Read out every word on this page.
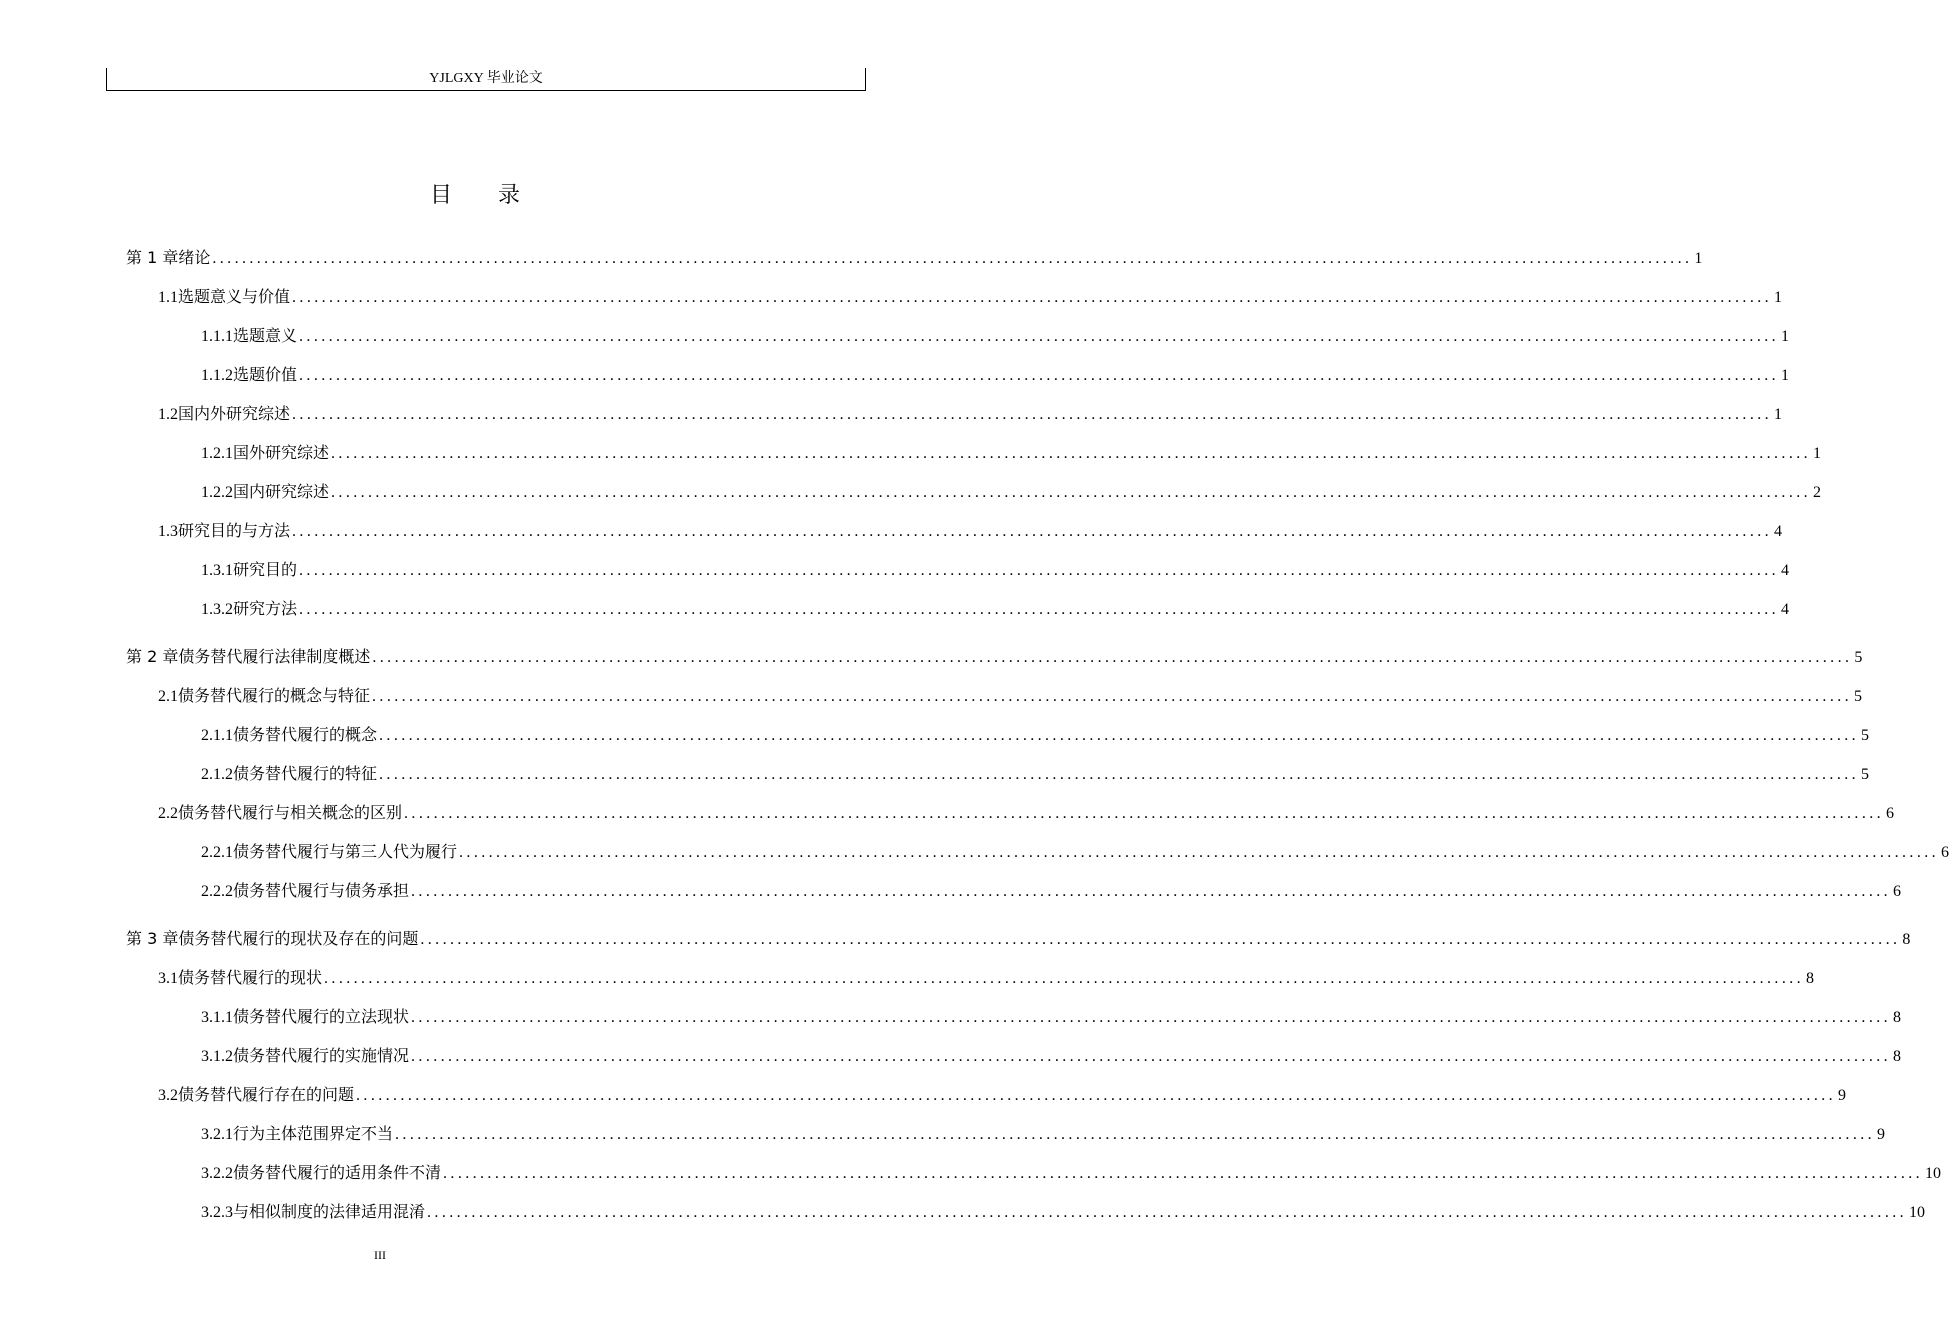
YJLGXY 毕业论文
目录
第 1 章 绪论 ........................................................................................................................................................................................................ 1
1.1 选题意义与价值 ........................................................................................................................................................................................................ 1
1.1.1 选题意义 ........................................................................................................................................................................................................ 1
1.1.2 选题价值 ........................................................................................................................................................................................................ 1
1.2 国内外研究综述 ........................................................................................................................................................................................................ 1
1.2.1 国外研究综述 ........................................................................................................................................................................................................ 1
1.2.2 国内研究综述 ........................................................................................................................................................................................................ 2
1.3 研究目的与方法 ........................................................................................................................................................................................................ 4
1.3.1 研究目的 ........................................................................................................................................................................................................ 4
1.3.2 研究方法 ........................................................................................................................................................................................................ 4
第 2 章 债务替代履行法律制度概述 ........................................................................................................................................................................................................ 5
2.1 债务替代履行的概念与特征 ........................................................................................................................................................................................................ 5
2.1.1 债务替代履行的概念 ........................................................................................................................................................................................................ 5
2.1.2 债务替代履行的特征 ........................................................................................................................................................................................................ 5
2.2 债务替代履行与相关概念的区别 ........................................................................................................................................................................................................ 6
2.2.1 债务替代履行与第三人代为履行 ........................................................................................................................................................................................................ 6
2.2.2 债务替代履行与债务承担 ........................................................................................................................................................................................................ 6
第 3 章 债务替代履行的现状及存在的问题 ........................................................................................................................................................................................................ 8
3.1 债务替代履行的现状 ........................................................................................................................................................................................................ 8
3.1.1 债务替代履行的立法现状 ........................................................................................................................................................................................................ 8
3.1.2 债务替代履行的实施情况 ........................................................................................................................................................................................................ 8
3.2 债务替代履行存在的问题 ........................................................................................................................................................................................................ 9
3.2.1 行为主体范围界定不当 ........................................................................................................................................................................................................ 9
3.2.2 债务替代履行的适用条件不清 ........................................................................................................................................................................................................ 10
3.2.3 与相似制度的法律适用混淆 ........................................................................................................................................................................................................ 10
III
